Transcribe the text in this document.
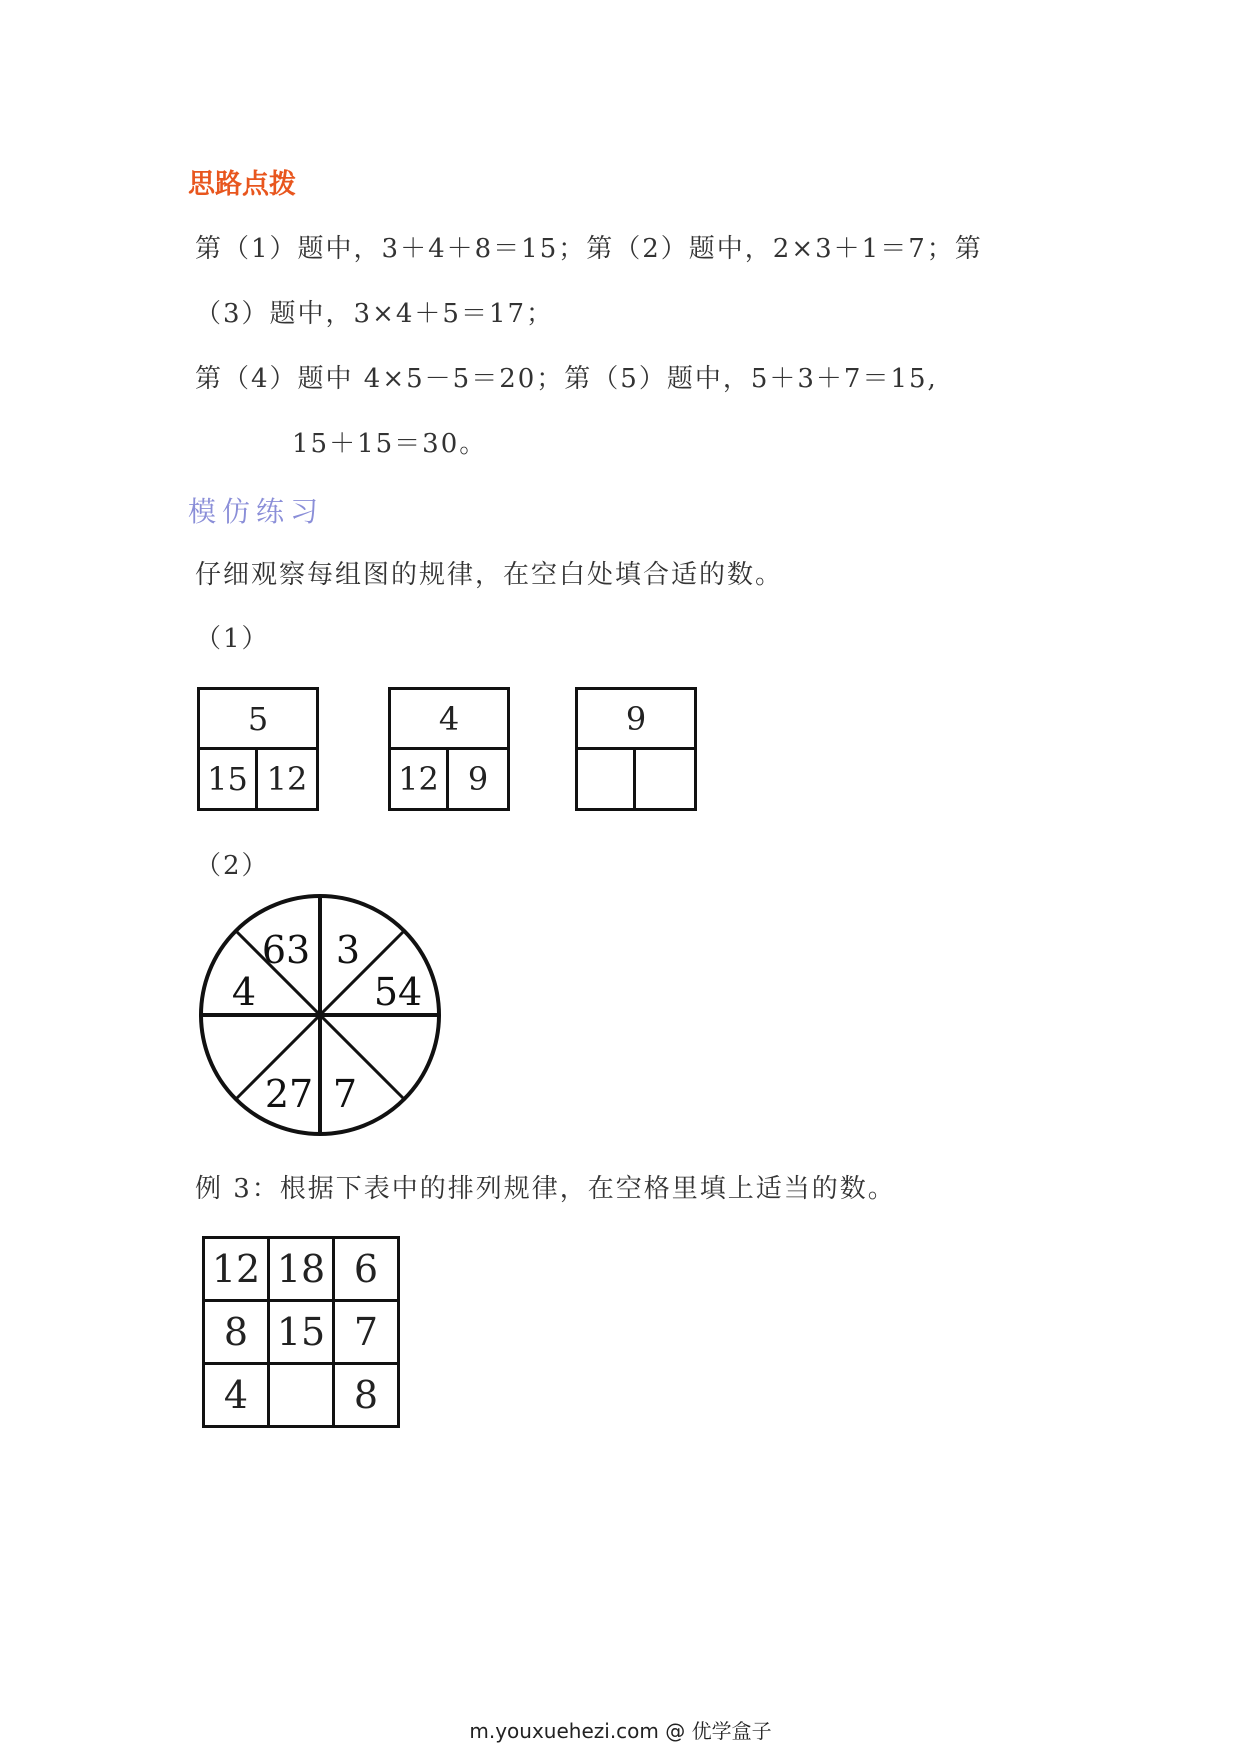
思路点拨
第（1）题中，3＋4＋8＝15；第（2）题中，2×3＋1＝7；第
（3）题中，3×4＋5＝17；
第（4）题中 4×5－5＝20；第（5）题中，5＋3＋7＝15,
15＋15＝30。
模仿练习
仔细观察每组图的规律，在空白处填合适的数。
（1）
5
15 12
4
12 9
9
（2）
63 3
4	54
27 7
例 3：根据下表中的排列规律，在空格里填上适当的数。
12	18	6
8	15	7
4		8
m.youxuehezi.com @ 优学盒子
